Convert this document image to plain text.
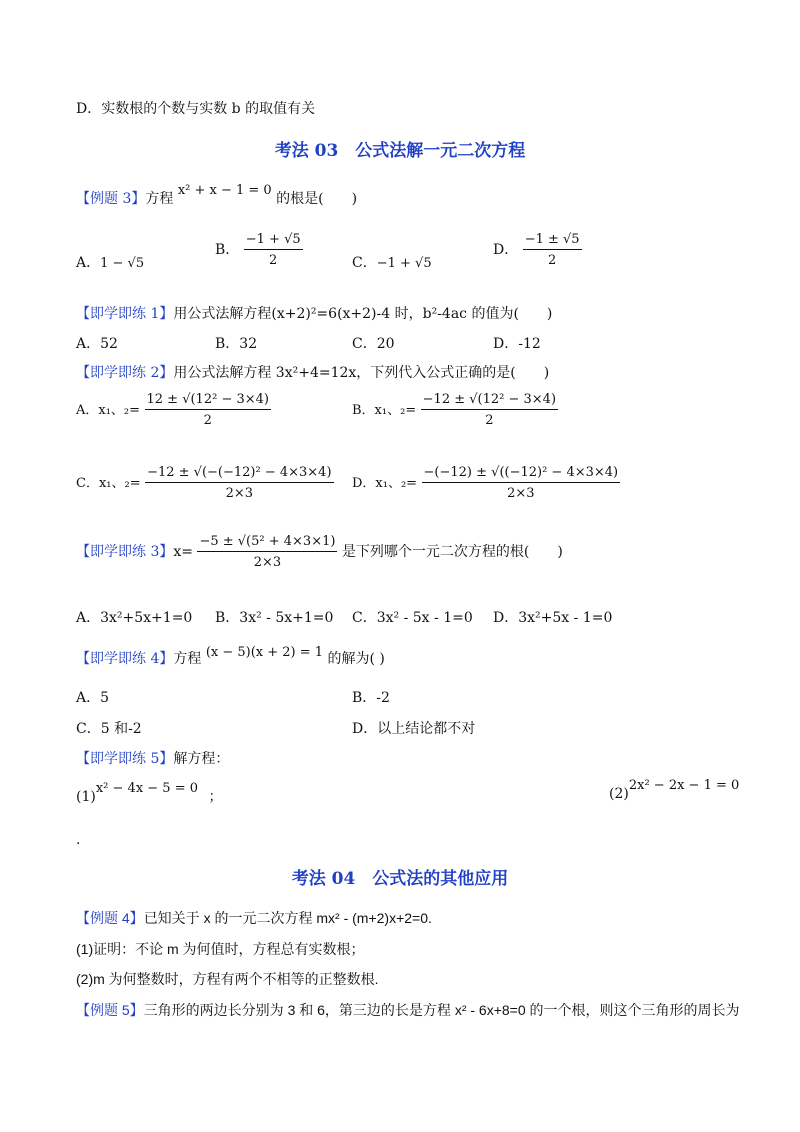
D．实数根的个数与实数 b 的取值有关
考法 03　公式法解一元二次方程
【例题 3】方程 x² + x − 1 = 0 的根是(　　)
A．1 − √5
B． $\frac{-1 + √5}{2}$	C．−1 + √5
D． $\frac{-1 \pm √5}{2}$
【即学即练 1】用公式法解方程(x+2)²=6(x+2)-4 时，b²-4ac 的值为(　　)
A．52	B．32	C．20	D．-12
【即学即练 2】用公式法解方程 3x²+4=12x，下列代入公式正确的是(　　)
A．x₁、$_2= \frac{\text{12 ± √(12² − 3×4)}}{2}$	B．x₁、$_2= \frac{\text{−12 ± √(12² − 3×4)}}{2}$
C．x₁、$_2= \frac{\text{−12 ± √(−(−12)² − 4×3×4)}}{2\times 3}$ D．x₁、$_2= \frac{\text{−(−12) ± √((−12)² − 4×3×4)}}{2\times 3}$
【即学即练 3】$x= \frac{\text{−5 ± √(5² + 4×3×1)}}{2\times 3}$ 是下列哪个一元二次方程的根(　　)
A．3x²+5x+1=0 B．3x² - 5x+1=0 C．3x² - 5x - 1=0 D．3x²+5x - 1=0
【即学即练 4】方程 (x − 5)(x + 2) = 1 的解为( )
A．5	B．-2
C．5 和-2	D．以上结论都不对
【即学即练 5】解方程：
(1)x² − 4x − 5 = 0 ；	(2)2x² − 2x − 1 = 0
.
考法 04　公式法的其他应用
【例题 4】已知关于 x 的一元二次方程 mx² - (m+2)x+2=0.
(1)证明：不论 m 为何值时，方程总有实数根；
(2)m 为何整数时，方程有两个不相等的正整数根.
【例题 5】三角形的两边长分别为 3 和 6，第三边的长是方程 x² - 6x+8=0 的一个根，则这个三角形的周长为
